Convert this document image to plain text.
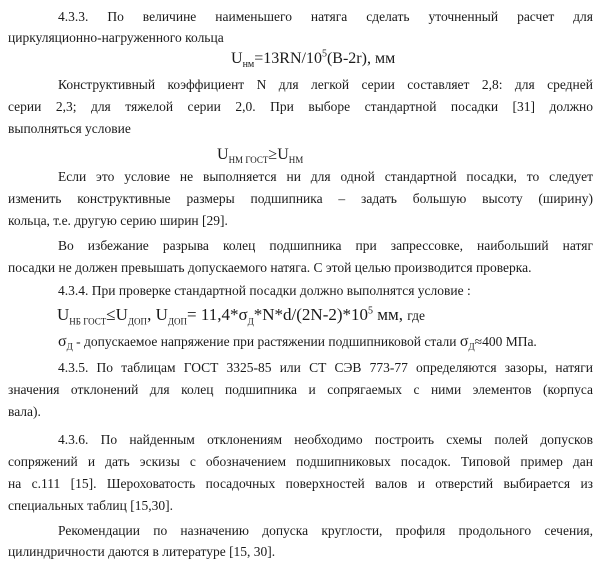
4.3.3. По величине наименьшего натяга сделать уточненный расчет для
циркуляционно-нагруженного кольца
$U_{нм}=13RN/10^5(B-2r)$, мм
Конструктивный коэффициент N для легкой серии составляет 2,8: для средней
серии 2,3; для тяжелой серии 2,0. При выборе стандартной посадки [31] должно
выполняться условие
$U_{НМ ГОСТ}\ge U_{НМ}$
Если это условие не выполняется ни для одной стандартной посадки, то следует
изменить конструктивные размеры подшипника – задать большую высоту (ширину)
кольца, т.е. другую серию ширин [29].
Во избежание разрыва колец подшипника при запрессовке, наибольший натяг
посадки не должен превышать допускаемого натяга. С этой целью производится проверка.
4.3.4. При проверке стандартной посадки должно выполнятся условие :
$U_{НБ ГОСТ}\le U_{ДОП}$, $U_{ДОП}= 11,4*\sigma_Д*N*d/(2N-2)*10^5$ мм, где
$\sigma_Д$ - допускаемое напряжение при растяжении подшипниковой стали $\sigma_Д\approx 400$ МПа.
4.3.5. По таблицам ГОСТ 3325-85 или СТ СЭВ 773-77 определяются зазоры, натяги
значения отклонений для колец подшипника и сопрягаемых с ними элементов (корпуса
вала).
4.3.6. По найденным отклонениям необходимо построить схемы полей допусков
сопряжений и дать эскизы с обозначением подшипниковых посадок. Типовой пример дан
на с.111 [15]. Шероховатость посадочных поверхностей валов и отверстий выбирается из
специальных таблиц [15,30].
Рекомендации по назначению допуска круглости, профиля продольного сечения,
цилиндричности даются в литературе [15, 30].
